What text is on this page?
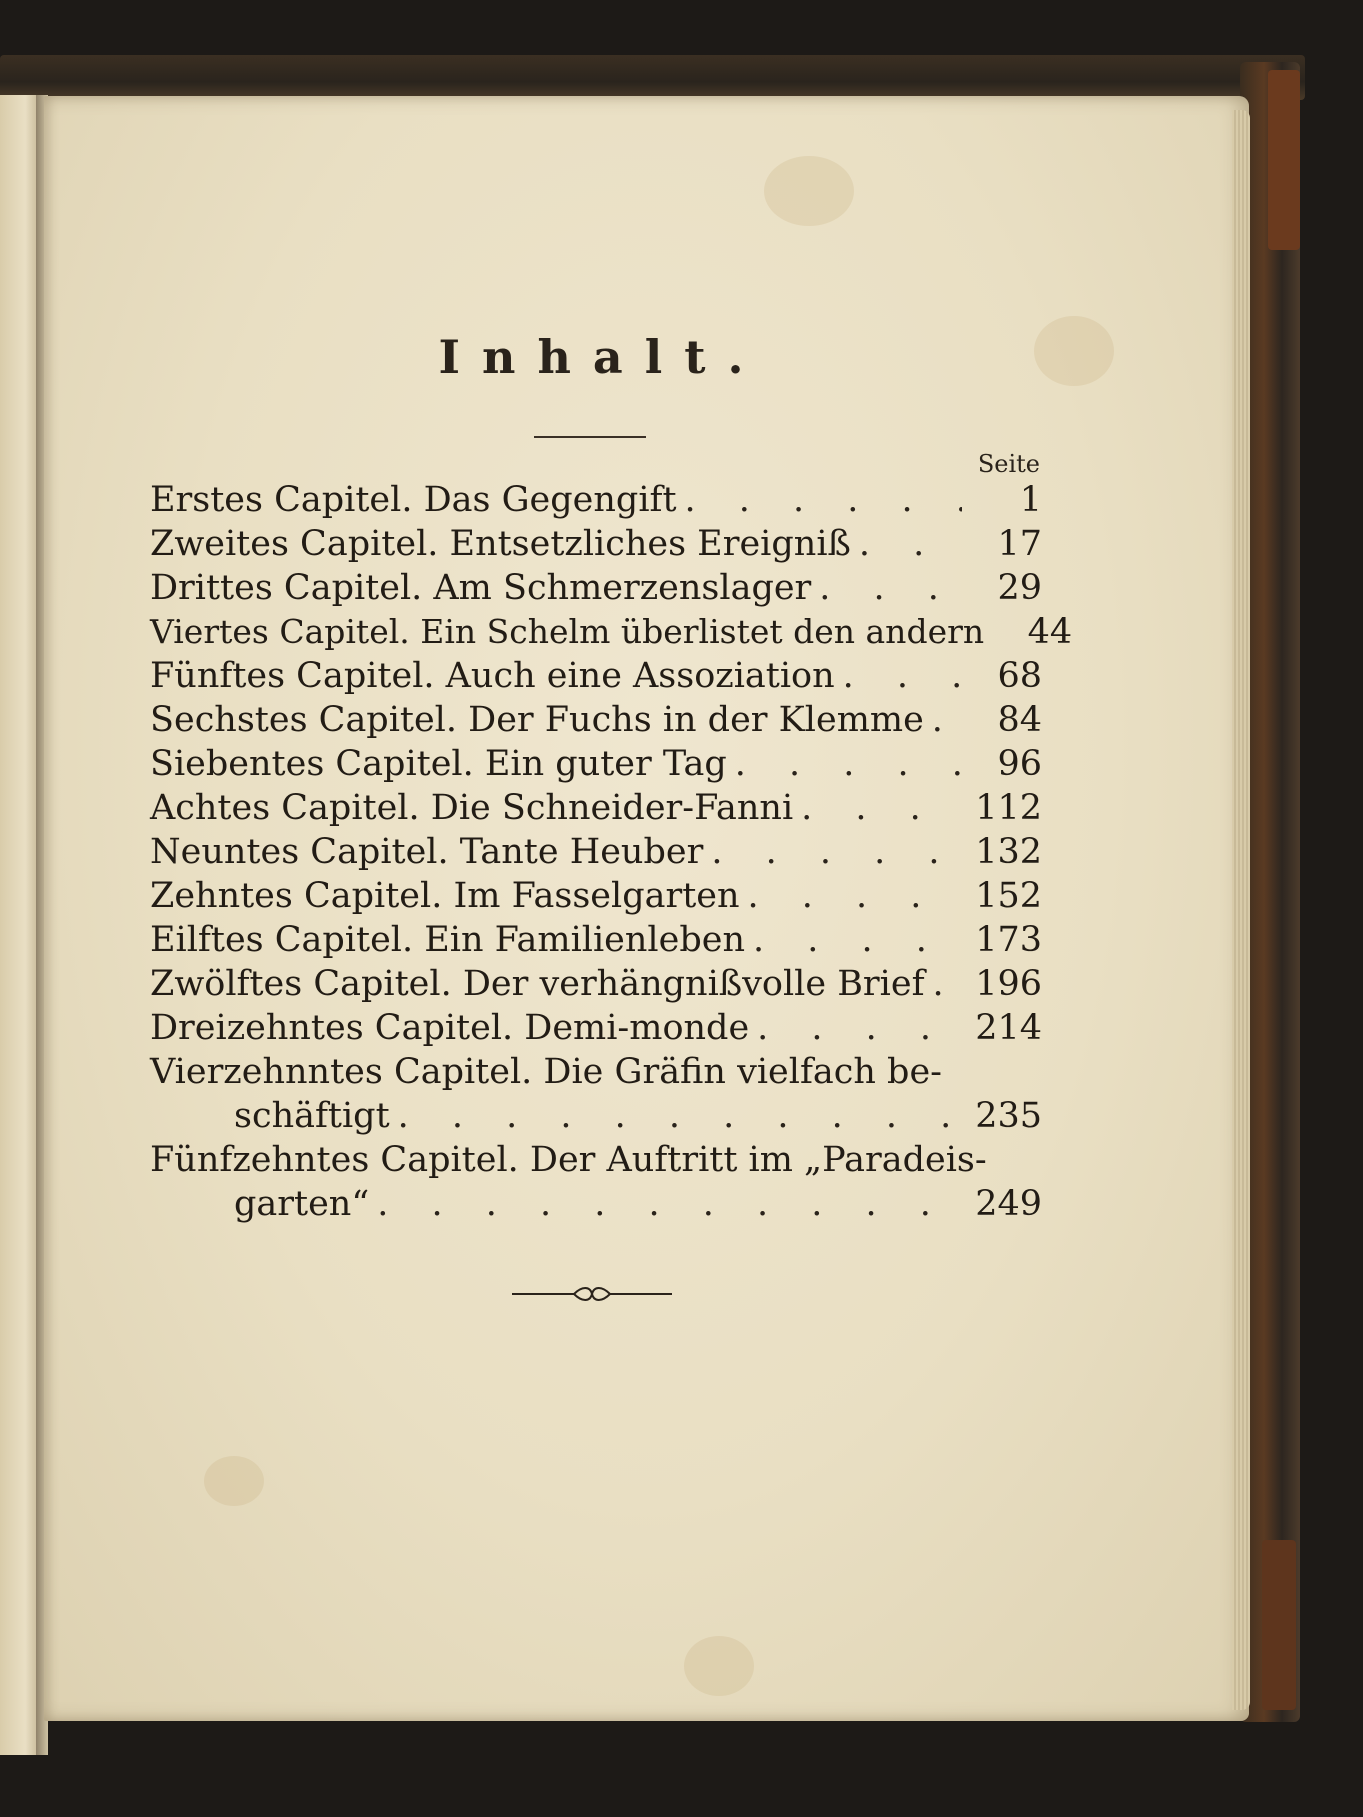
Inhalt.
Seite
Erstes Capitel. Das Gegengift . . .	1
Zweites Capitel. Entsetzliches Ereigniß . . .	17
Drittes Capitel. Am Schmerzenslager . . .	29
Viertes Capitel. Ein Schelm überlistet den andern	44
Fünftes Capitel. Auch eine Assoziation . . .	68
Sechstes Capitel. Der Fuchs in der Klemme . . .	84
Siebentes Capitel. Ein guter Tag . . .	96
Achtes Capitel. Die Schneider-Fanni . . .	112
Neuntes Capitel. Tante Heuber . . .	132
Zehntes Capitel. Im Fasselgarten . . .	152
Eilftes Capitel. Ein Familienleben . . .	173
Zwölftes Capitel. Der verhängnißvolle Brief . . . 196
Dreizehntes Capitel. Demi-monde . . .	214
Vierzehnntes Capitel. Die Gräfin vielfach be-
schäftigt . . .	235
Fünfzehntes Capitel. Der Auftritt im „Paradeis-
garten“ . . .	249
